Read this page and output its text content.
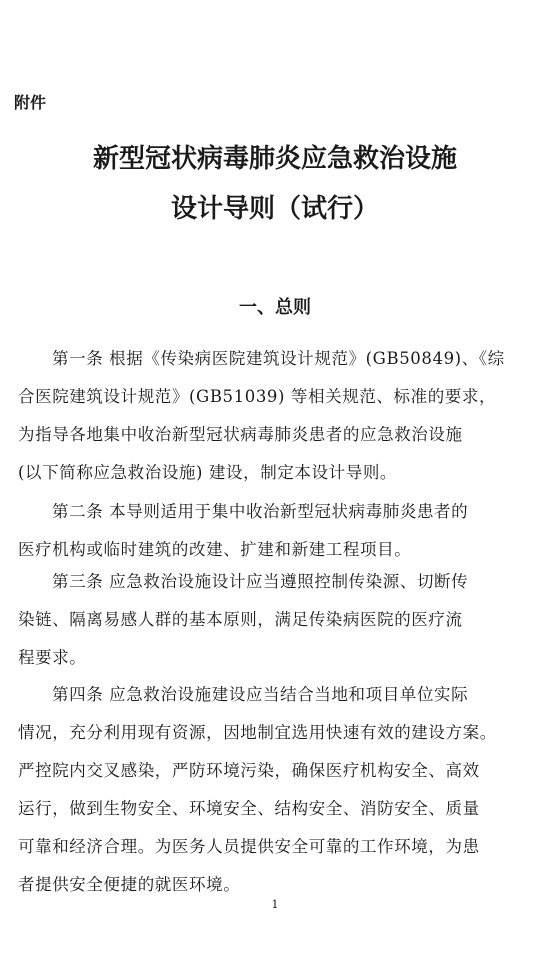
附件
新型冠状病毒肺炎应急救治设施
设计导则（试行）
一、总则
第一条 根据《传染病医院建筑设计规范》(GB50849)、《综
合医院建筑设计规范》(GB51039) 等相关规范、标准的要求，
为指导各地集中收治新型冠状病毒肺炎患者的应急救治设施
(以下简称应急救治设施) 建设，制定本设计导则。
第二条 本导则适用于集中收治新型冠状病毒肺炎患者的
医疗机构或临时建筑的改建、扩建和新建工程项目。
第三条 应急救治设施设计应当遵照控制传染源、切断传
染链、隔离易感人群的基本原则，满足传染病医院的医疗流
程要求。
第四条 应急救治设施建设应当结合当地和项目单位实际
情况，充分利用现有资源，因地制宜选用快速有效的建设方案。
严控院内交叉感染，严防环境污染，确保医疗机构安全、高效
运行，做到生物安全、环境安全、结构安全、消防安全、质量
可靠和经济合理。为医务人员提供安全可靠的工作环境，为患
者提供安全便捷的就医环境。
1
